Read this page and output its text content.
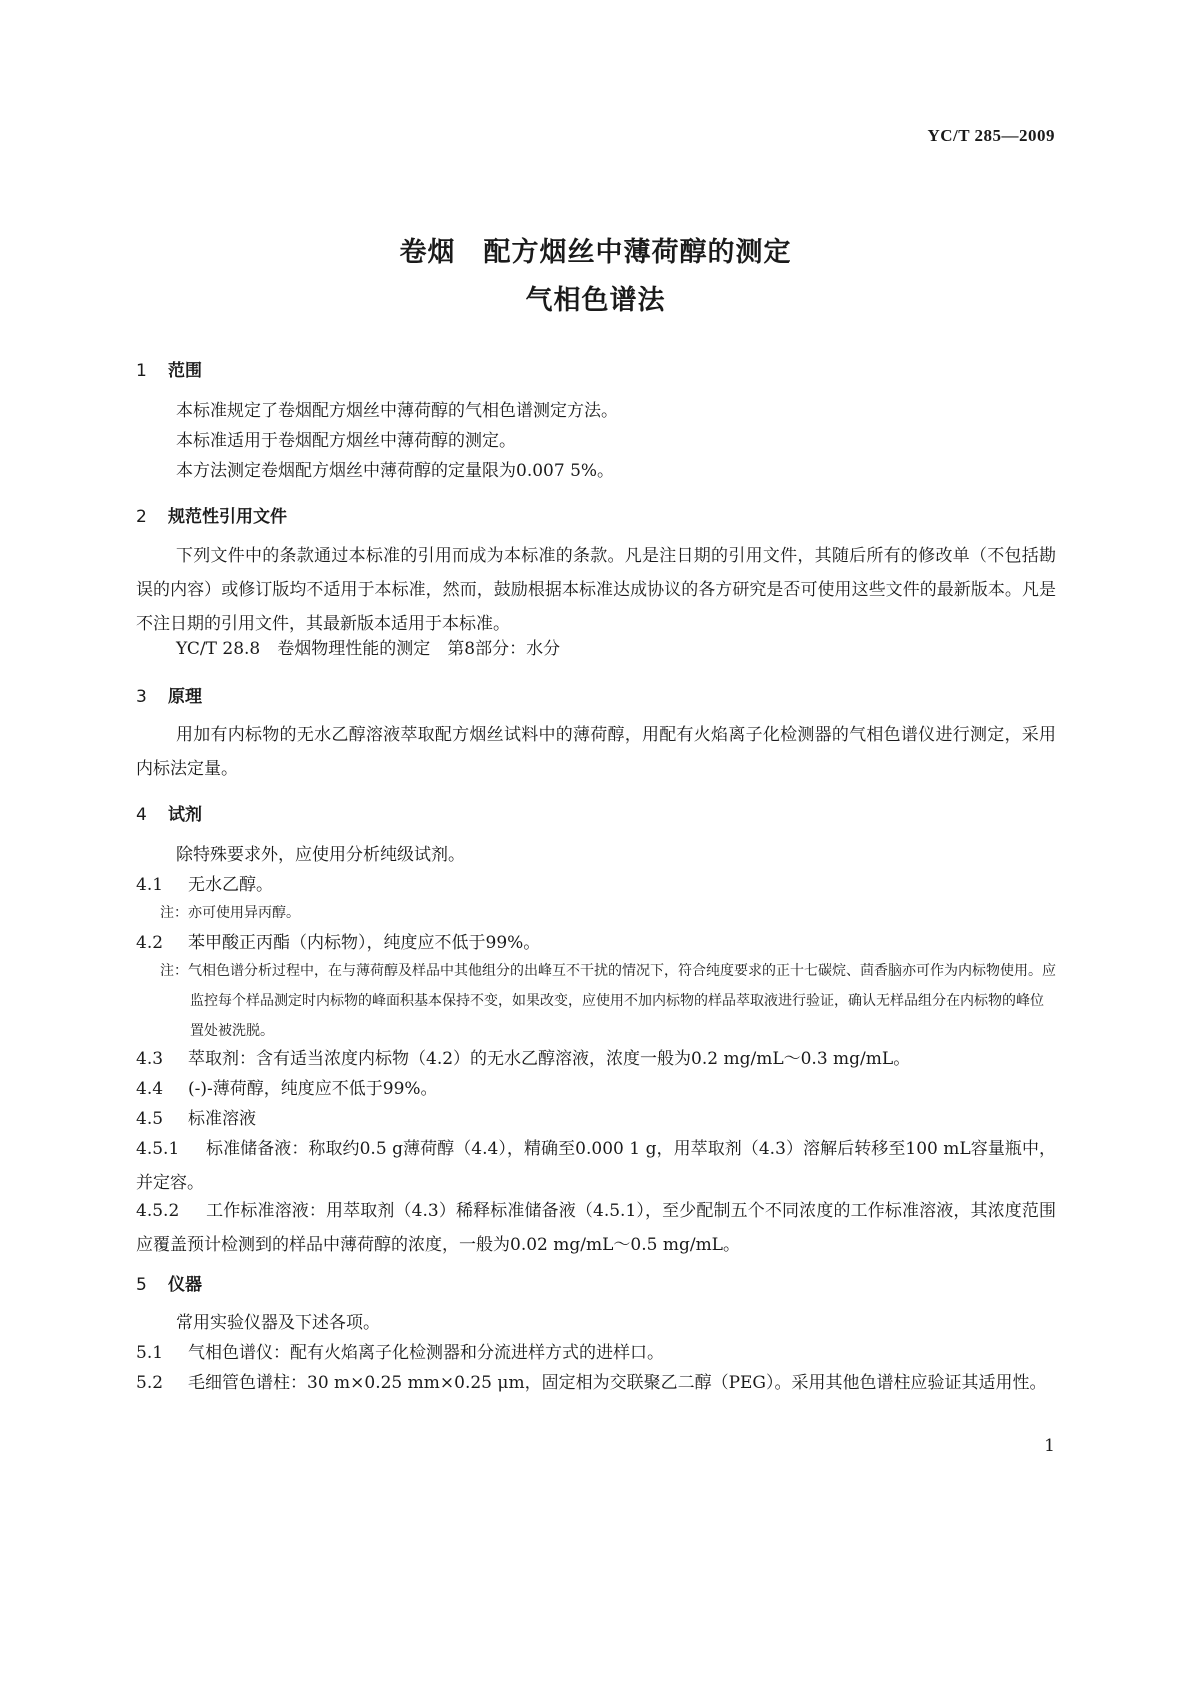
YC/T 285—2009
卷烟　配方烟丝中薄荷醇的测定
气相色谱法
1 范围
本标准规定了卷烟配方烟丝中薄荷醇的气相色谱测定方法。
本标准适用于卷烟配方烟丝中薄荷醇的测定。
本方法测定卷烟配方烟丝中薄荷醇的定量限为0.007 5%。
2 规范性引用文件
下列文件中的条款通过本标准的引用而成为本标准的条款。凡是注日期的引用文件，其随后所有的修改单（不包括勘误的内容）或修订版均不适用于本标准，然而，鼓励根据本标准达成协议的各方研究是否可使用这些文件的最新版本。凡是不注日期的引用文件，其最新版本适用于本标准。
YC/T 28.8　卷烟物理性能的测定　第8部分：水分
3 原理
用加有内标物的无水乙醇溶液萃取配方烟丝试料中的薄荷醇，用配有火焰离子化检测器的气相色谱仪进行测定，采用内标法定量。
4 试剂
除特殊要求外，应使用分析纯级试剂。
4.1 无水乙醇。
注：亦可使用异丙醇。
4.2 苯甲酸正丙酯（内标物），纯度应不低于99%。
注：气相色谱分析过程中，在与薄荷醇及样品中其他组分的出峰互不干扰的情况下，符合纯度要求的正十七碳烷、茴香脑亦可作为内标物使用。应监控每个样品测定时内标物的峰面积基本保持不变，如果改变，应使用不加内标物的样品萃取液进行验证，确认无样品组分在内标物的峰位置处被洗脱。
4.3 萃取剂：含有适当浓度内标物（4.2）的无水乙醇溶液，浓度一般为0.2 mg/mL～0.3 mg/mL。
4.4 (-)-薄荷醇，纯度应不低于99%。
4.5 标准溶液
4.5.1 标准储备液：称取约0.5 g薄荷醇（4.4），精确至0.000 1 g，用萃取剂（4.3）溶解后转移至100 mL容量瓶中，并定容。
4.5.2 工作标准溶液：用萃取剂（4.3）稀释标准储备液（4.5.1），至少配制五个不同浓度的工作标准溶液，其浓度范围应覆盖预计检测到的样品中薄荷醇的浓度，一般为0.02 mg/mL～0.5 mg/mL。
5 仪器
常用实验仪器及下述各项。
5.1 气相色谱仪：配有火焰离子化检测器和分流进样方式的进样口。
5.2 毛细管色谱柱：30 m×0.25 mm×0.25 μm，固定相为交联聚乙二醇（PEG）。采用其他色谱柱应验证其适用性。
1
